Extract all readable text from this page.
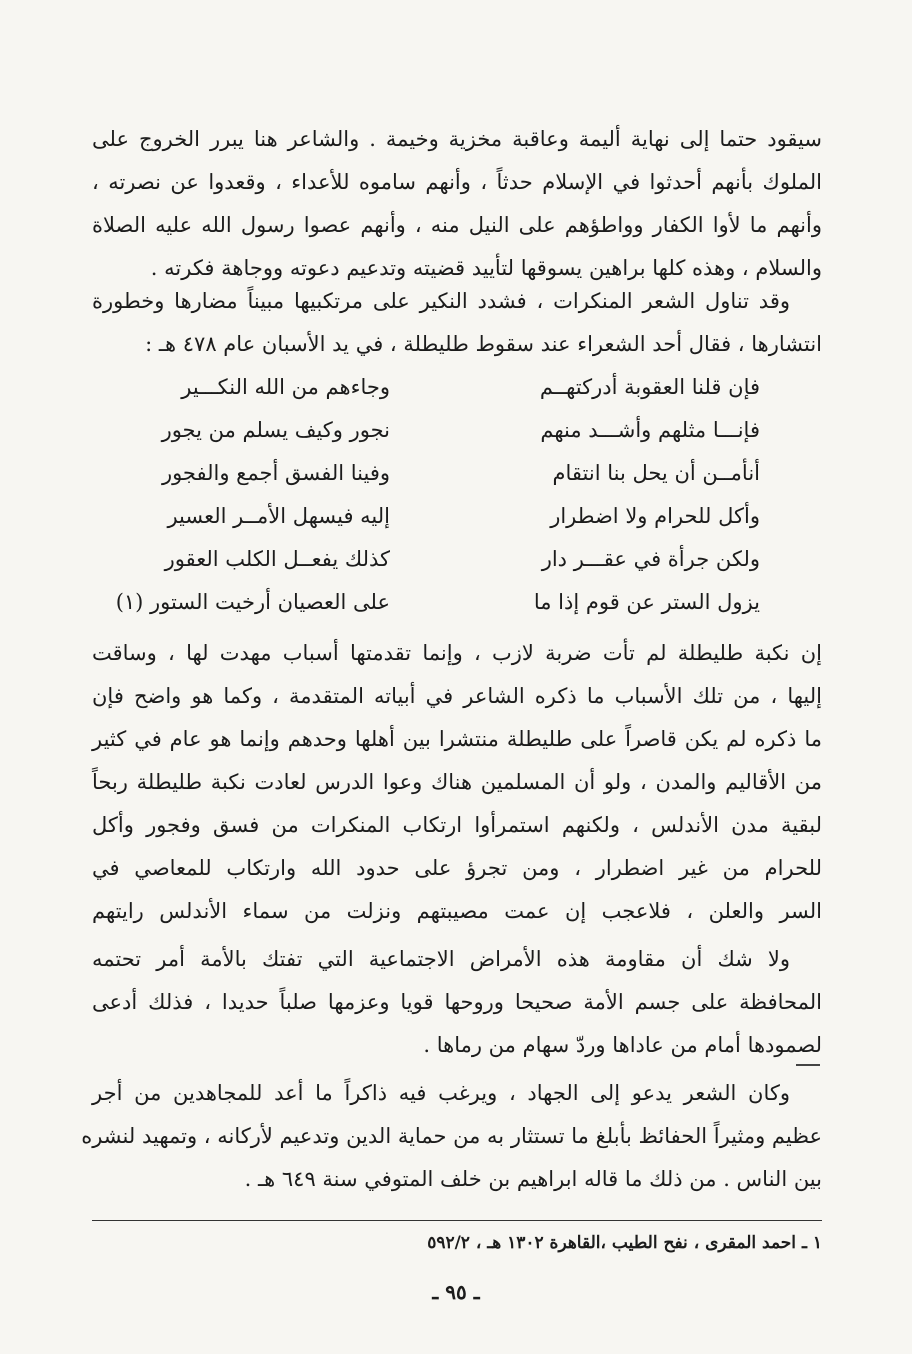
سيقود حتما إلى نهاية أليمة وعاقبة مخزية وخيمة . والشاعر هنا يبرر الخروج على
الملوك بأنهم أحدثوا في الإسلام حدثاً ، وأنهم ساموه للأعداء ، وقعدوا عن نصرته ،
وأنهم ما لأوا الكفار وواطؤهم على النيل منه ، وأنهم عصوا رسول الله عليه الصلاة
والسلام ، وهذه كلها براهين يسوقها لتأييد قضيته وتدعيم دعوته ووجاهة فكرته .

وقد تناول الشعر المنكرات ، فشدد النكير على مرتكبيها مبيناً مضارها وخطورة
انتشارها ، فقال أحد الشعراء عند سقوط طليطلة ، في يد الأسبان عام ٤٧٨ هـ :

فإن قلنا العقوبة أدركتهــم
وجاءهم من الله النكـــير
فإنـــا مثلهم وأشـــد منهم
نجور وكيف يسلم من يجور
أنأمــن أن يحل بنا انتقام
وفينا الفسق أجمع والفجور
وأكل للحرام ولا اضطرار
إليه فيسهل الأمــر العسير
ولكن جرأة في عقـــر دار
كذلك يفعــل الكلب العقور
يزول الستر عن قوم إذا ما
على العصيان أرخيت الستور (١)

إن نكبة طليطلة لم تأت ضربة لازب ، وإنما تقدمتها أسباب مهدت لها ، وساقت
إليها ، من تلك الأسباب ما ذكره الشاعر في أبياته المتقدمة ، وكما هو واضح فإن
ما ذكره لم يكن قاصراً على طليطلة منتشرا بين أهلها وحدهم وإنما هو عام في كثير
من الأقاليم والمدن ، ولو أن المسلمين هناك وعوا الدرس لعادت نكبة طليطلة ربحاً
لبقية مدن الأندلس ، ولكنهم استمرأوا ارتكاب المنكرات من فسق وفجور وأكل
للحرام من غير اضطرار ، ومن تجرؤ على حدود الله وارتكاب للمعاصي في
السر والعلن ، فلاعجب إن عمت مصيبتهم ونزلت من سماء الأندلس رايتهم

ولا شك أن مقاومة هذه الأمراض الاجتماعية التي تفتك بالأمة أمر تحتمه
المحافظة على جسم الأمة صحيحا وروحها قويا وعزمها صلباً حديدا ، فذلك أدعى
لصمودها أمام من عاداها وردّ سهام من رماها .

وكان الشعر يدعو إلى الجهاد ، ويرغب فيه ذاكراً ما أعد للمجاهدين من أجر
عظيم ومثيراً الحفائظ بأبلغ ما تستثار به من حماية الدين وتدعيم لأركانه ، وتمهيد لنشره
بين الناس . من ذلك ما قاله ابراهيم بن خلف المتوفي سنة ٦٤٩ هـ .

١ ـ احمد المقرى ، نفح الطيب ،القاهرة ١٣٠٢ هـ ، ٥٩٢/٢
ـ ٩٥ ـ
